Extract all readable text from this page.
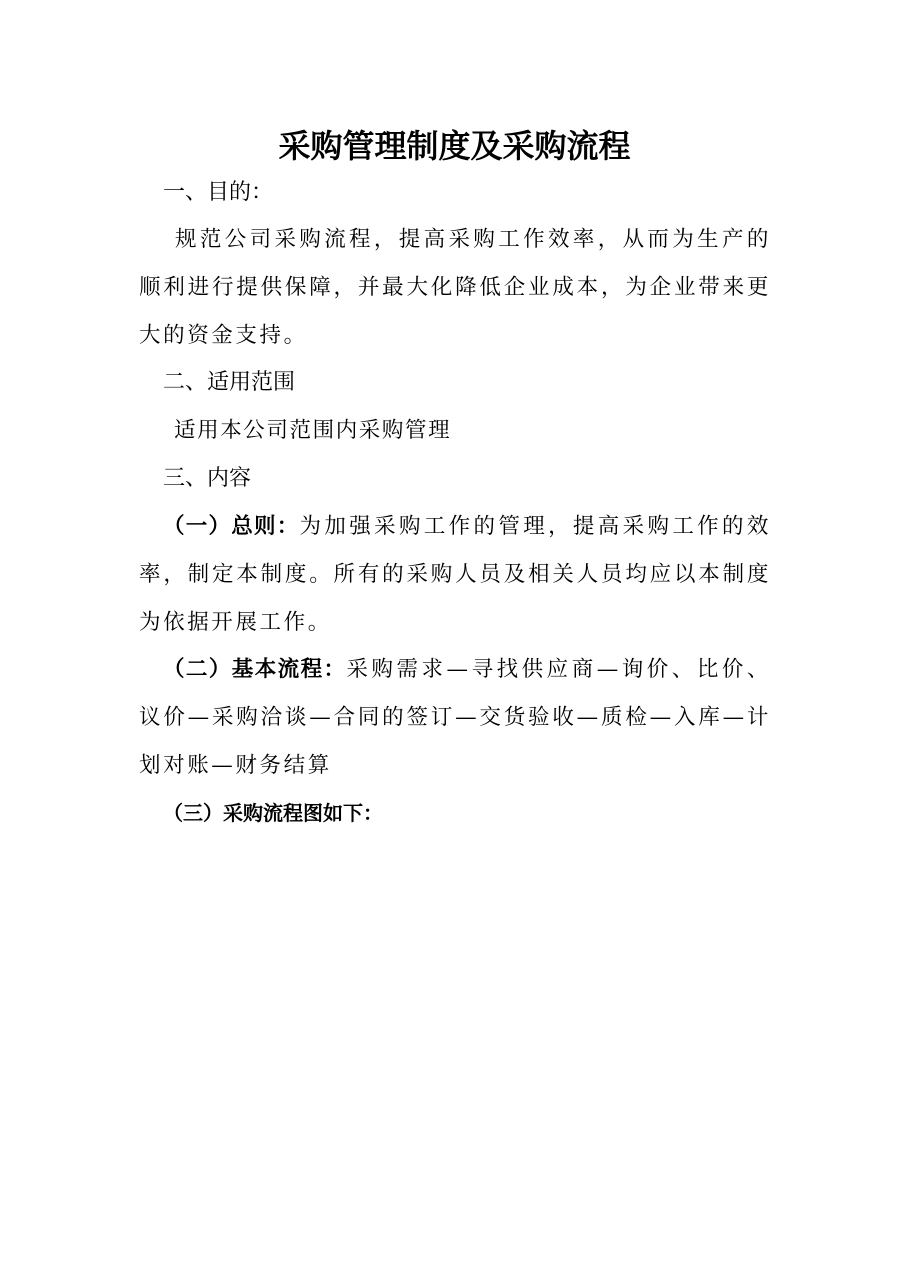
采购管理制度及采购流程
一、目的：
规范公司采购流程，提高采购工作效率，从而为生产的顺利进行提供保障，并最大化降低企业成本，为企业带来更大的资金支持。
二、适用范围
适用本公司范围内采购管理
三、内容
（一）总则：为加强采购工作的管理，提高采购工作的效率，制定本制度。所有的采购人员及相关人员均应以本制度为依据开展工作。
（二）基本流程：采购需求—寻找供应商—询价、比价、议价—采购洽谈—合同的签订—交货验收—质检—入库—计划对账—财务结算
（三）采购流程图如下：
